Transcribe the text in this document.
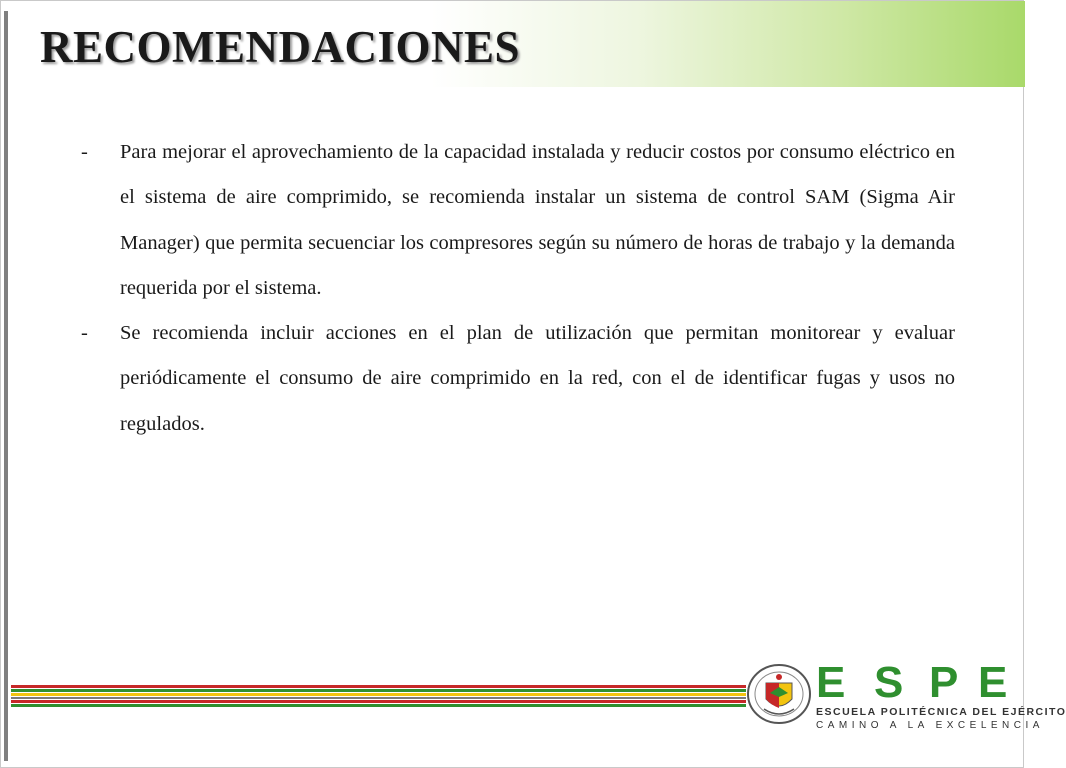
RECOMENDACIONES

- Para mejorar el aprovechamiento de la capacidad instalada y reducir costos por consumo eléctrico en el sistema de aire comprimido, se recomienda instalar un sistema de control SAM (Sigma Air Manager) que permita secuenciar los compresores según su número de horas de trabajo y la demanda requerida por el sistema.

- Se recomienda incluir acciones en el plan de utilización que permitan monitorear y evaluar periódicamente el consumo de aire comprimido en la red, con el de identificar fugas y usos no regulados.

E S P E
ESCUELA POLITÉCNICA DEL EJÉRCITO
CAMINO A LA EXCELENCIA
